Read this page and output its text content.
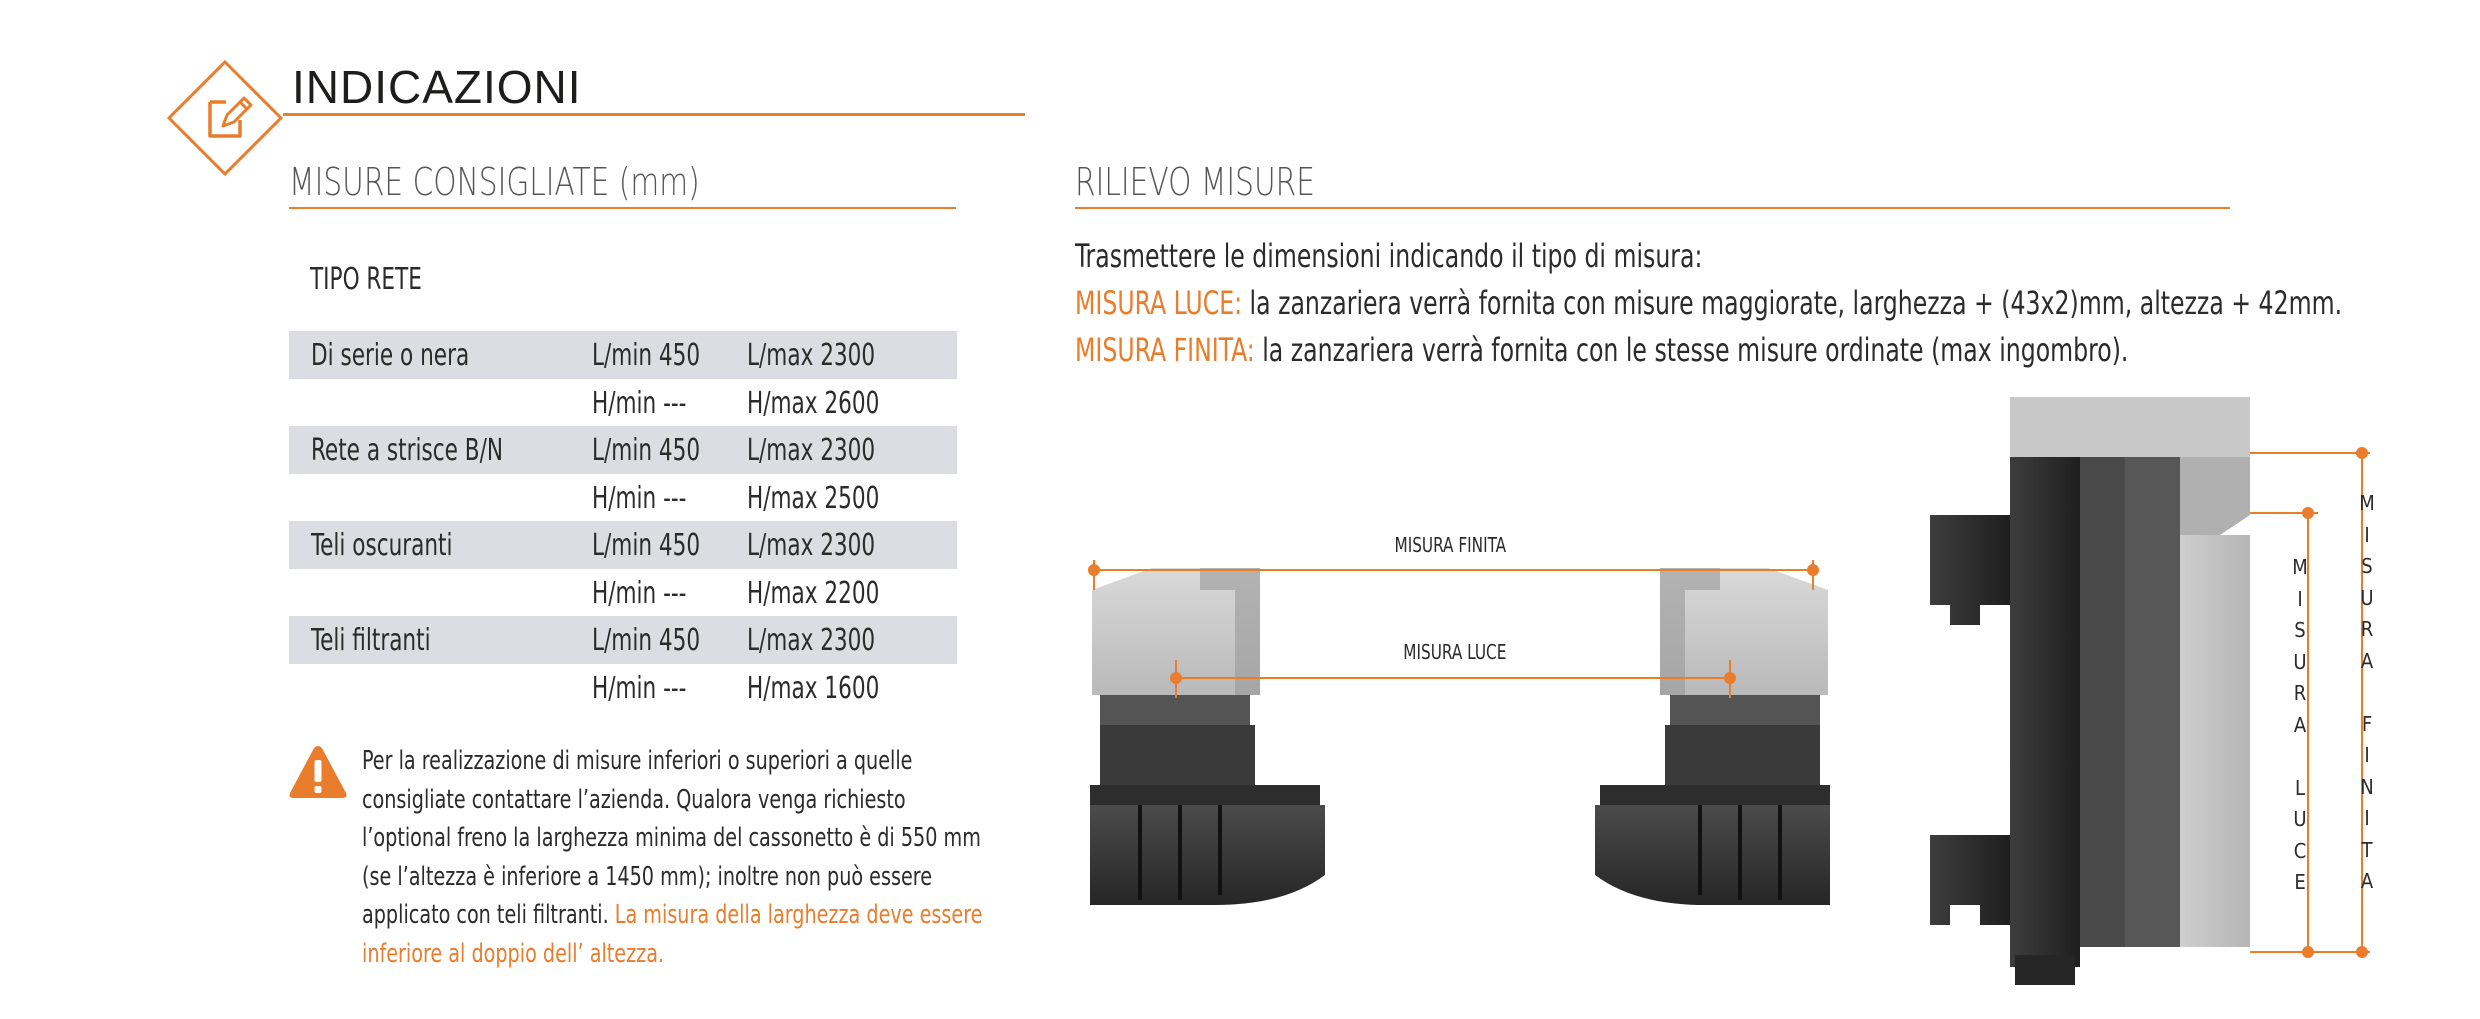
INDICAZIONI
MISURE CONSIGLIATE (mm)
TIPO RETE
Di serie o nera	L/min 450 L/max 2300
H/min --- H/max 2600
Rete a strisce B/N	L/min 450 L/max 2300
H/min --- H/max 2500
Teli oscuranti	L/min 450 L/max 2300
H/min --- H/max 2200
Teli filtranti	L/min 450 L/max 2300
H/min --- H/max 1600
Per la realizzazione di misure inferiori o superiori a quelle consigliate contattare l’azienda. Qualora venga richiesto l’optional freno la larghezza minima del cassonetto è di 550 mm (se l’altezza è inferiore a 1450 mm); inoltre non può essere applicato con teli filtranti. La misura della larghezza deve essere inferiore al doppio dell’ altezza.
RILIEVO MISURE
Trasmettere le dimensioni indicando il tipo di misura:
MISURA LUCE: la zanzariera verrà fornita con misure maggiorate, larghezza + (43x2)mm, altezza + 42mm.
MISURA FINITA: la zanzariera verrà fornita con le stesse misure ordinate (max ingombro).
MISURA FINITA
MISURA LUCE
M
I
S
U
R
A

L
U
C
E
M
I
S
U
R
A

F
I
N
I
T
A
